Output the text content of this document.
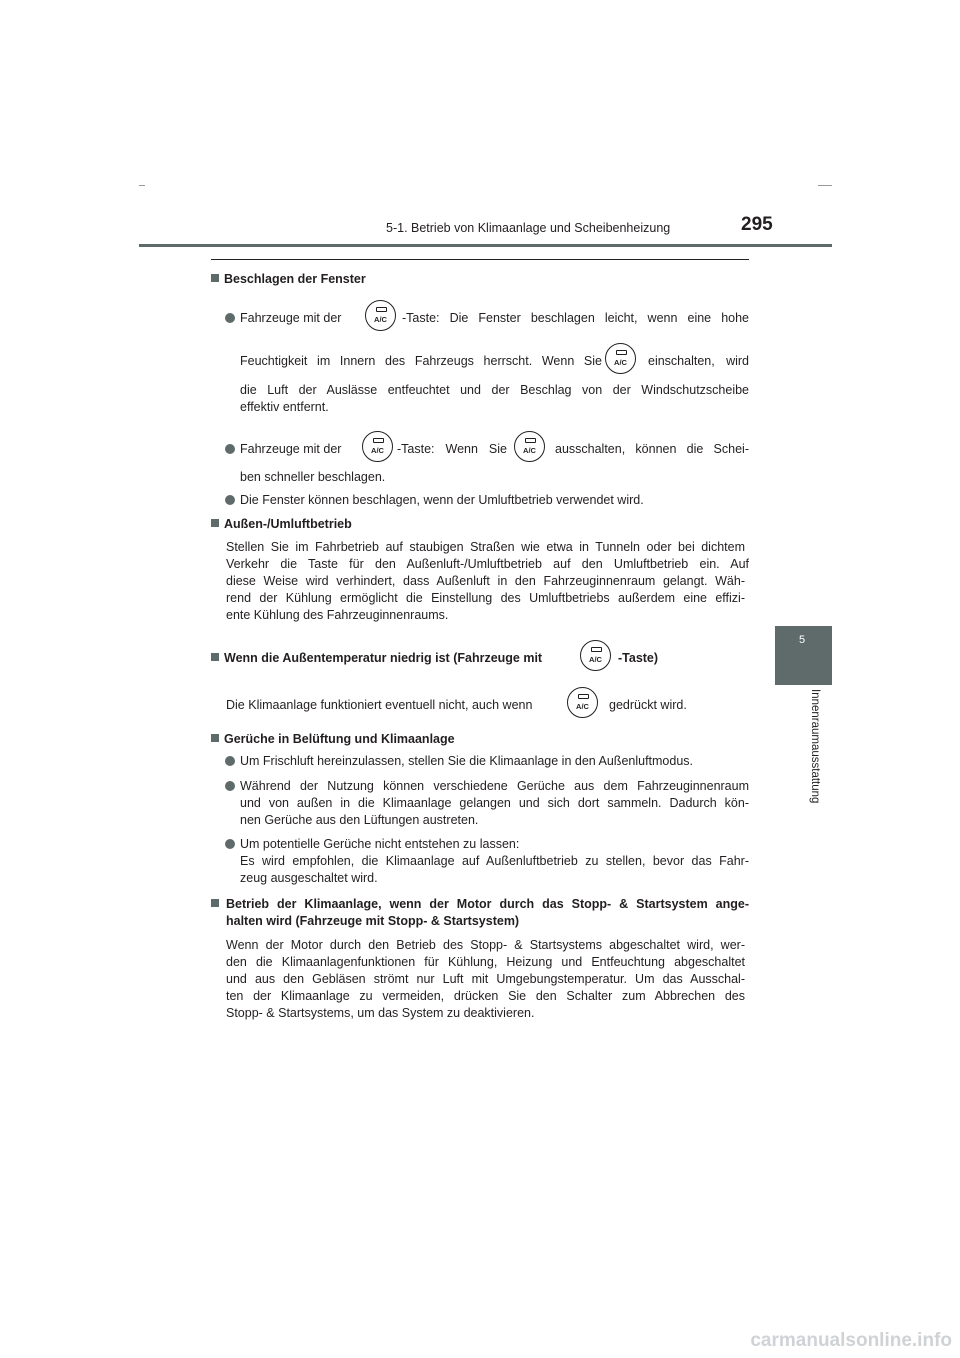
5-1. Betrieb von Klimaanlage und Scheibenheizung	295
5
Innenraumausstattung
Beschlagen der Fenster
Fahrzeuge mit der	A/C	-Taste: Die Fenster beschlagen leicht, wenn eine hohe
Feuchtigkeit im Innern des Fahrzeugs herrscht. Wenn Sie	A/C	einschalten, wird
die Luft der Auslässe entfeuchtet und der Beschlag von der Windschutzscheibe
effektiv entfernt.
Fahrzeuge mit der	A/C	-Taste: Wenn Sie	A/C	ausschalten, können die Schei-
ben schneller beschlagen.
Die Fenster können beschlagen, wenn der Umluftbetrieb verwendet wird.
Außen-/Umluftbetrieb
Stellen Sie im Fahrbetrieb auf staubigen Straßen wie etwa in Tunneln oder bei dichtem
Verkehr die Taste für den Außenluft-/Umluftbetrieb auf den Umluftbetrieb ein. Auf
diese Weise wird verhindert, dass Außenluft in den Fahrzeuginnenraum gelangt. Wäh-
rend der Kühlung ermöglicht die Einstellung des Umluftbetriebs außerdem eine effizi-
ente Kühlung des Fahrzeuginnenraums.
Wenn die Außentemperatur niedrig ist (Fahrzeuge mit	A/C	-Taste)
Die Klimaanlage funktioniert eventuell nicht, auch wenn	A/C	gedrückt wird.
Gerüche in Belüftung und Klimaanlage
Um Frischluft hereinzulassen, stellen Sie die Klimaanlage in den Außenluftmodus.
Während der Nutzung können verschiedene Gerüche aus dem Fahrzeuginnenraum
und von außen in die Klimaanlage gelangen und sich dort sammeln. Dadurch kön-
nen Gerüche aus den Lüftungen austreten.
Um potentielle Gerüche nicht entstehen zu lassen:
Es wird empfohlen, die Klimaanlage auf Außenluftbetrieb zu stellen, bevor das Fahr-
zeug ausgeschaltet wird.
Betrieb der Klimaanlage, wenn der Motor durch das Stopp- & Startsystem ange-
halten wird (Fahrzeuge mit Stopp- & Startsystem)
Wenn der Motor durch den Betrieb des Stopp- & Startsystems abgeschaltet wird, wer-
den die Klimaanlagenfunktionen für Kühlung, Heizung und Entfeuchtung abgeschaltet
und aus den Gebläsen strömt nur Luft mit Umgebungstemperatur. Um das Ausschal-
ten der Klimaanlage zu vermeiden, drücken Sie den Schalter zum Abbrechen des
Stopp- & Startsystems, um das System zu deaktivieren.
carmanualsonline.info
